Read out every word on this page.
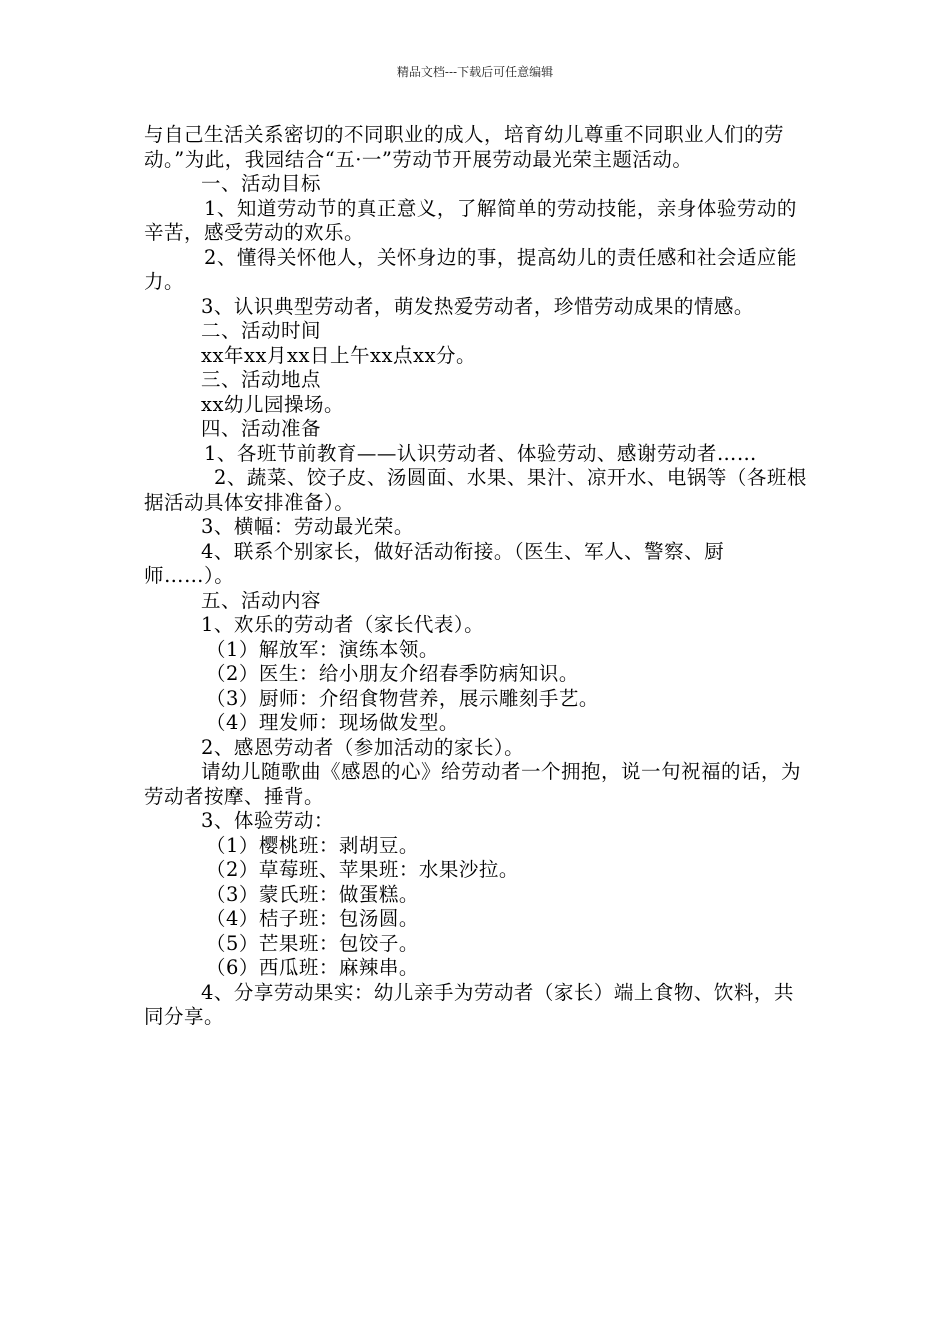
精品文档---下载后可任意编辑

与自己生活关系密切的不同职业的成人，培育幼儿尊重不同职业人们的劳动。”为此，我园结合“五·一”劳动节开展劳动最光荣主题活动。

一、活动目标

1、知道劳动节的真正意义，了解简单的劳动技能，亲身体验劳动的辛苦，感受劳动的欢乐。

2、懂得关怀他人，关怀身边的事，提高幼儿的责任感和社会适应能力。

3、认识典型劳动者，萌发热爱劳动者，珍惜劳动成果的情感。

二、活动时间

xx年xx月xx日上午xx点xx分。

三、活动地点

xx幼儿园操场。

四、活动准备

1、各班节前教育——认识劳动者、体验劳动、感谢劳动者……

2、蔬菜、饺子皮、汤圆面、水果、果汁、凉开水、电锅等（各班根据活动具体安排准备）。

3、横幅：劳动最光荣。

4、联系个别家长，做好活动衔接。（医生、军人、警察、厨师……）。

五、活动内容

1、欢乐的劳动者（家长代表）。

（1）解放军：演练本领。

（2）医生：给小朋友介绍春季防病知识。

（3）厨师：介绍食物营养，展示雕刻手艺。

（4）理发师：现场做发型。

2、感恩劳动者（参加活动的家长）。

请幼儿随歌曲《感恩的心》给劳动者一个拥抱，说一句祝福的话，为劳动者按摩、捶背。

3、体验劳动：

（1）樱桃班：剥胡豆。

（2）草莓班、苹果班：水果沙拉。

（3）蒙氏班：做蛋糕。

（4）桔子班：包汤圆。

（5）芒果班：包饺子。

（6）西瓜班：麻辣串。

4、分享劳动果实：幼儿亲手为劳动者（家长）端上食物、饮料，共同分享。
